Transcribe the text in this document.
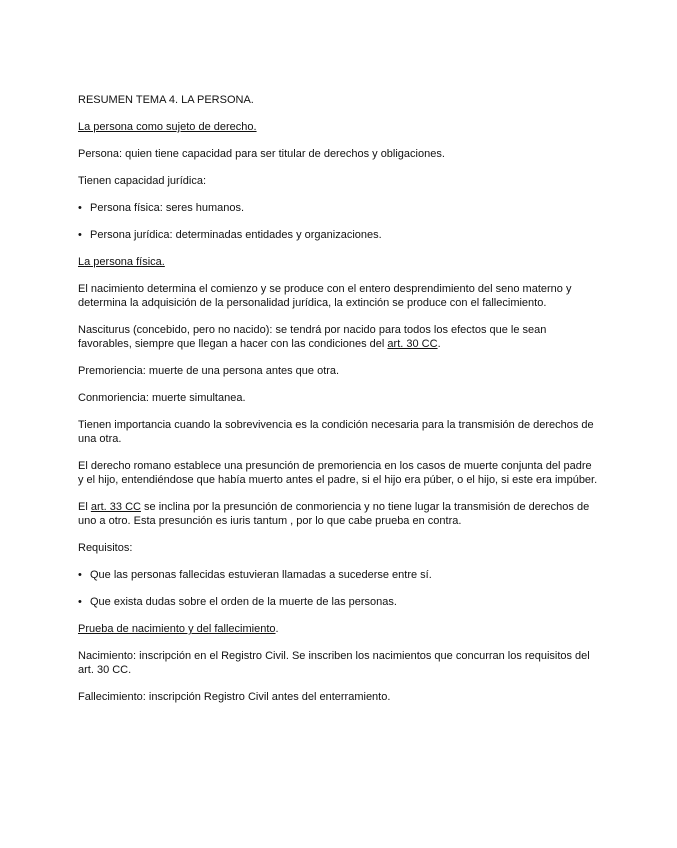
RESUMEN TEMA 4. LA PERSONA.

La persona como sujeto de derecho.

Persona: quien tiene capacidad para ser titular de derechos y obligaciones.

Tienen capacidad jurídica:

• Persona física: seres humanos.
• Persona jurídica: determinadas entidades y organizaciones.

La persona física.

El nacimiento determina el comienzo y se produce con el entero desprendimiento del seno materno y determina la adquisición de la personalidad jurídica, la extinción se produce con el fallecimiento.

Nasciturus (concebido, pero no nacido): se tendrá por nacido para todos los efectos que le sean favorables, siempre que llegan a hacer con las condiciones del art. 30 CC.

Premoriencia: muerte de una persona antes que otra.

Conmoriencia: muerte simultanea.

Tienen importancia cuando la sobrevivencia es la condición necesaria para la transmisión de derechos de una otra.

El derecho romano establece una presunción de premoriencia en los casos de muerte conjunta del padre y el hijo, entendiéndose que había muerto antes el padre, si el hijo era púber, o el hijo, si este era impúber.

El art. 33 CC se inclina por la presunción de conmoriencia y no tiene lugar la transmisión de derechos de uno a otro. Esta presunción es iuris tantum , por lo que cabe prueba en contra.

Requisitos:

• Que las personas fallecidas estuvieran llamadas a sucederse entre sí.
• Que exista dudas sobre el orden de la muerte de las personas.

Prueba de nacimiento y del fallecimiento.

Nacimiento: inscripción en el Registro Civil. Se inscriben los nacimientos que concurran los requisitos del art. 30 CC.

Fallecimiento: inscripción Registro Civil antes del enterramiento.
